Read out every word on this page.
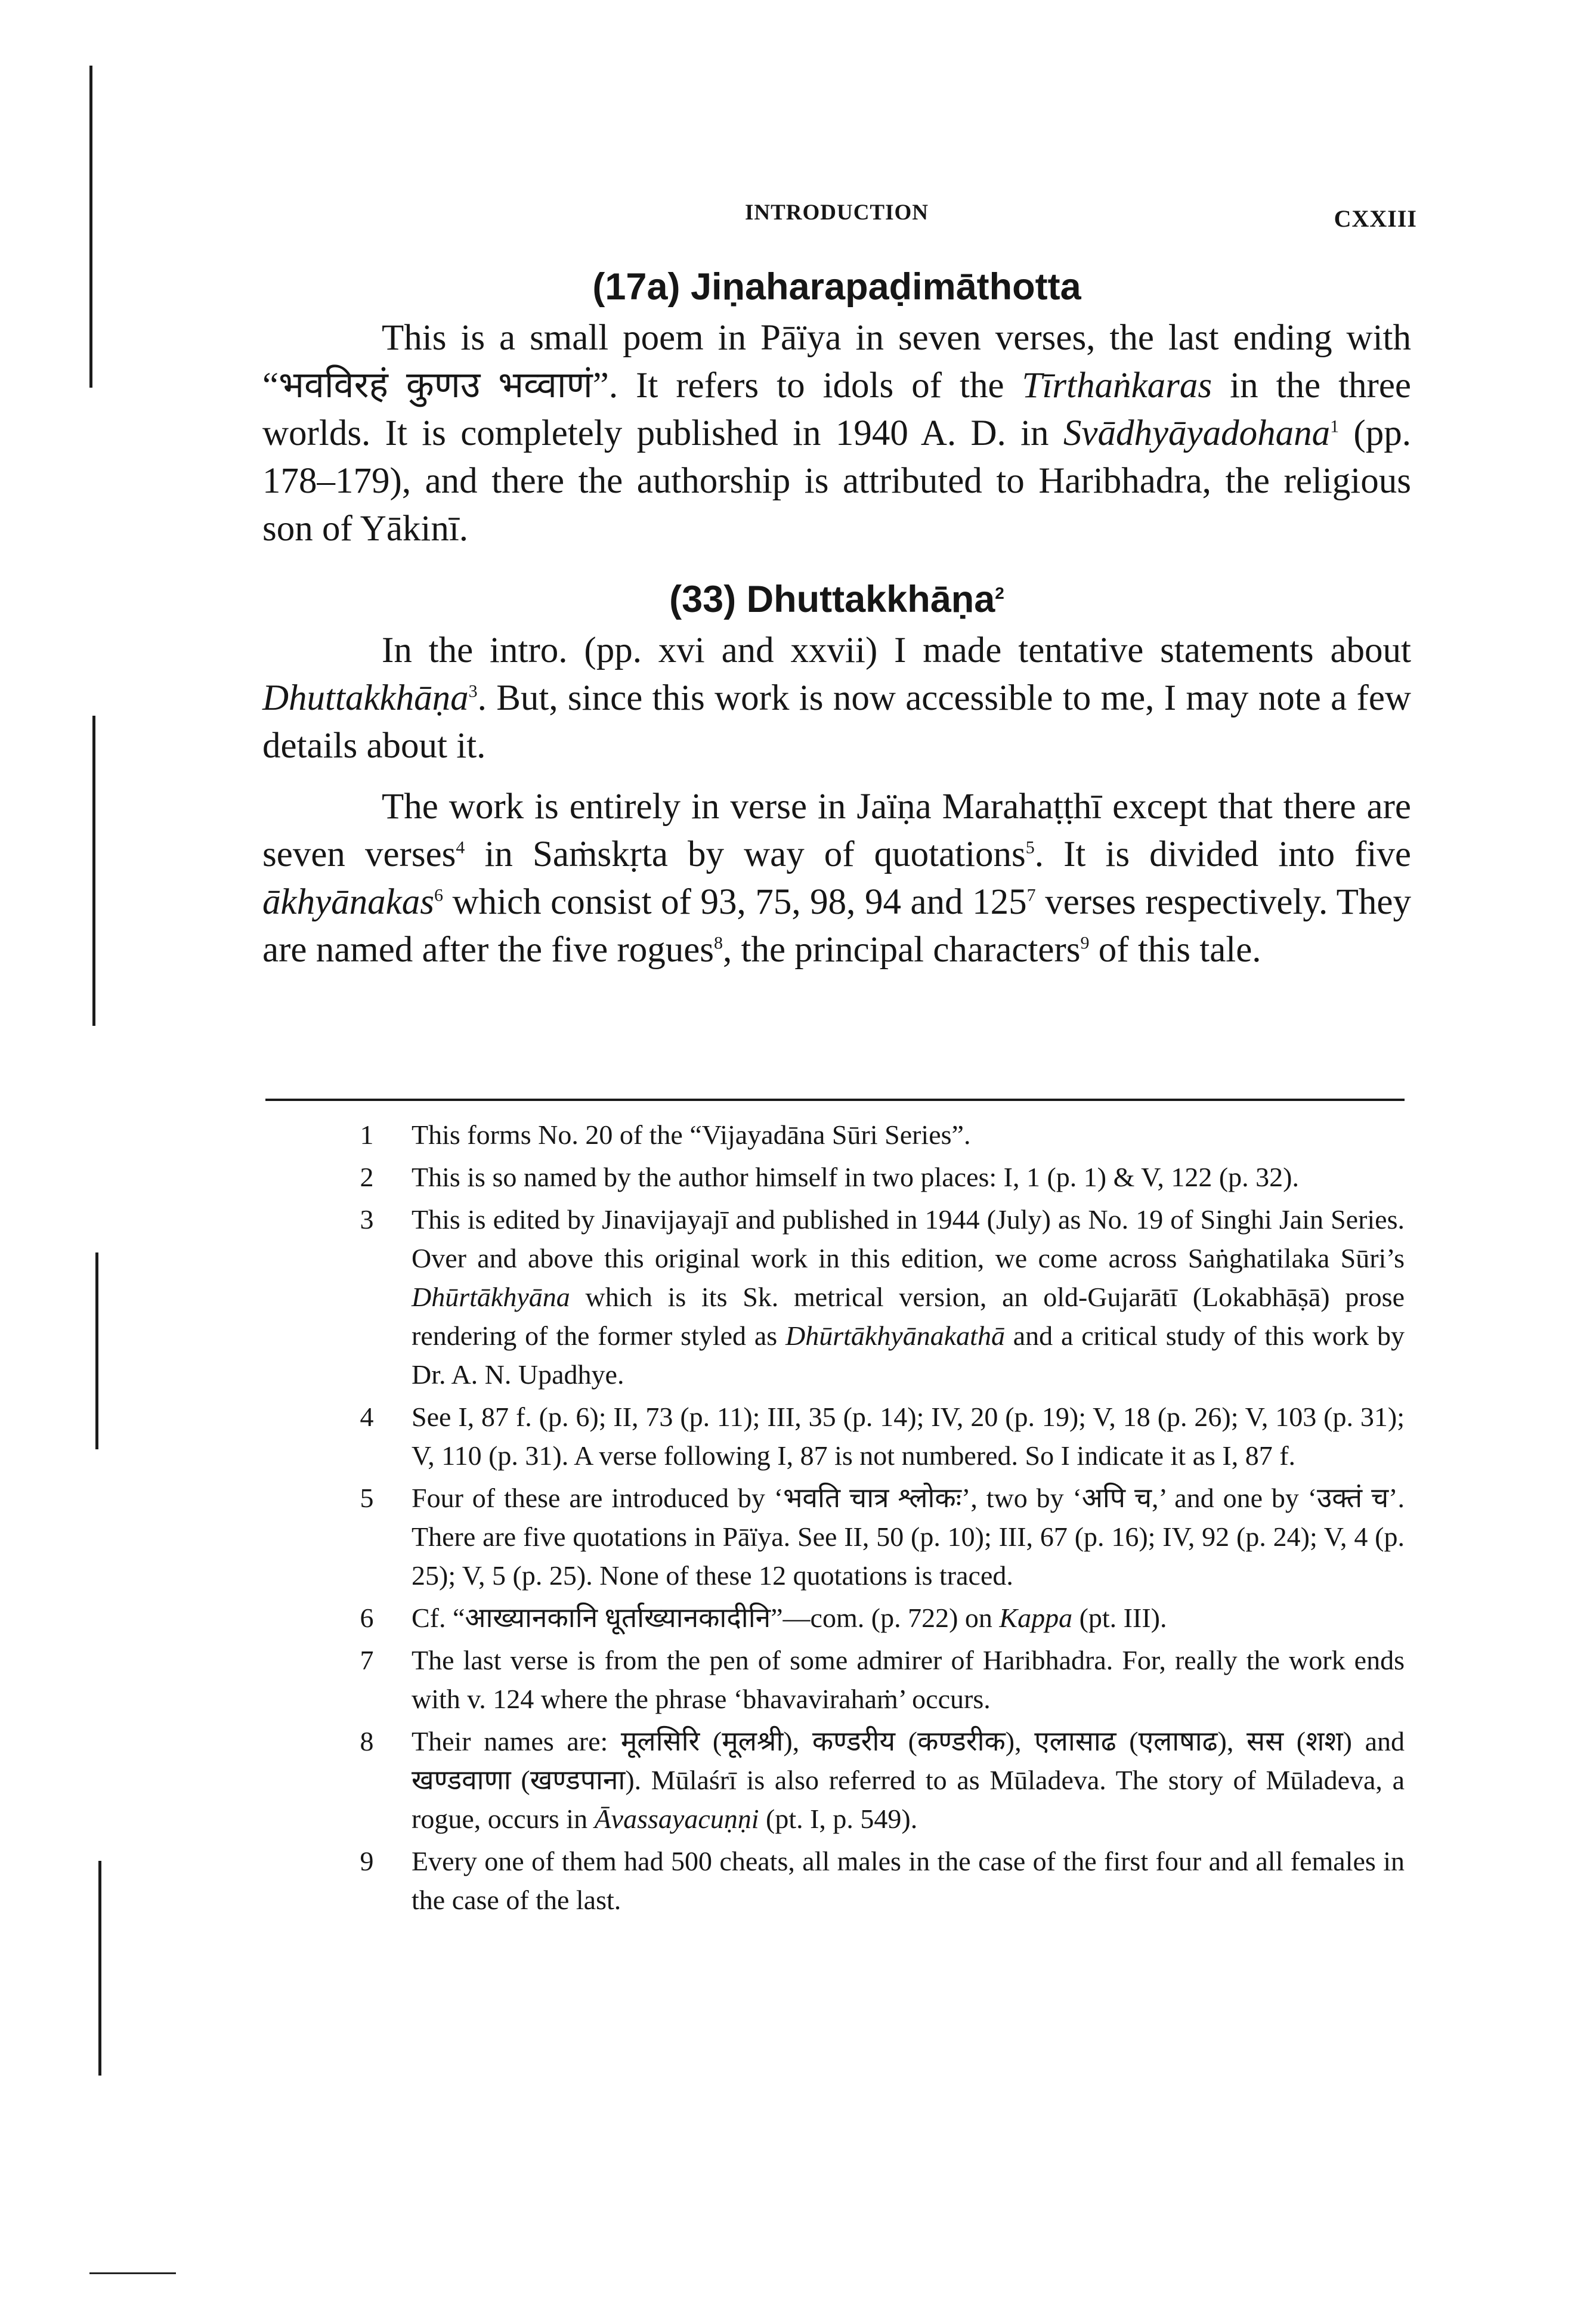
INTRODUCTION	CXXIII
(17a) Jiṇaharapaḍimāthotta

This is a small poem in Pāïya in seven verses, the last ending with “भवविरहं कुणउ भव्वाणं”. It refers to idols of the Tīrthaṅkaras in the three worlds. It is completely published in 1940 A. D. in Svādhyāyadohana$^1$ (pp. 178–179), and there the authorship is attributed to Haribhadra, the religious son of Yākinī.

(33) Dhuttakkhāṇa$^2$

In the intro. (pp. xvi and xxvii) I made tentative statements about Dhuttakkhāṇa$^3$. But, since this work is now accessible to me, I may note a few details about it.

The work is entirely in verse in Jaïṇa Marahaṭṭhī except that there are seven verses$^4$ in Saṁskṛta by way of quotations$^5$. It is divided into five ākhyānakas$^6$ which consist of 93, 75, 98, 94 and $125^7$ verses respectively. They are named after the five rogues$^8$, the principal characters$^9$ of this tale.

1 This forms No. 20 of the “Vijayadāna Sūri Series”.
2 This is so named by the author himself in two places: I, 1 (p. 1) & V, 122 (p. 32).
3 This is edited by Jinavijayajī and published in 1944 (July) as No. 19 of Singhi Jain Series. Over and above this original work in this edition, we come across Saṅghatilaka Sūri’s Dhūrtākhyāna which is its Sk. metrical version, an old-Gujarātī (Lokabhāṣā) prose rendering of the former styled as Dhūrtākhyānakathā and a critical study of this work by Dr. A. N. Upadhye.
4 See I, 87 f. (p. 6); II, 73 (p. 11); III, 35 (p. 14); IV, 20 (p. 19); V, 18 (p. 26); V, 103 (p. 31); V, 110 (p. 31). A verse following I, 87 is not numbered. So I indicate it as I, 87 f.
5 Four of these are introduced by ‘भवति चात्र श्लोकः’, two by ‘अपि च,’ and one by ‘उक्तं च’. There are five quotations in Pāïya. See II, 50 (p. 10); III, 67 (p. 16); IV, 92 (p. 24); V, 4 (p. 25); V, 5 (p. 25). None of these 12 quotations is traced.
6 Cf. “आख्यानकानि धूर्ताख्यानकादीनि”—com. (p. 722) on Kappa (pt. III).
7 The last verse is from the pen of some admirer of Haribhadra. For, really the work ends with v. 124 where the phrase ‘bhavavirahaṁ’ occurs.
8 Their names are: मूलसिरि (मूलश्री), कण्डरीय (कण्डरीक), एलासाढ (एलाषाढ), सस (शश) and खण्डवाणा (खण्डपाना). Mūlaśrī is also referred to as Mūladeva. The story of Mūladeva, a rogue, occurs in Āvassayacuṇṇi (pt. I, p. 549).
9 Every one of them had 500 cheats, all males in the case of the first four and all females in the case of the last.
